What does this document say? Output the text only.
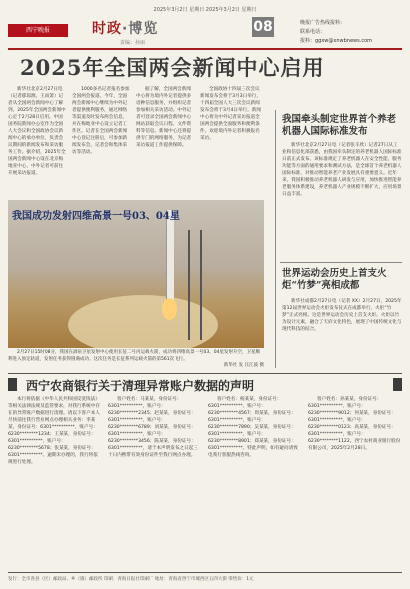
2025年3月2日 星期日 2025年3月2日 星期日
西宁晚报	时政·博览	08
责编：孙丽
晚报广告热线报料：
联系电话：
报料：ggxw@xnwbnews.com
2025年全国两会新闻中心启用

新华社北京2月27日电（记者郁琼源、王雨萧）记者从全国两会新闻中心了解到，2025年全国两会新闻中心定于2月28日启用。中国国务院新闻办公室作为全国人大会议和全国政协会议新闻中心的承办单位，负责会议期间的新闻发布和采访服务工作。据介绍，2025年全国两会新闻中心设在北京梅地亚中心，中外记者可前往开展采访报道。

1000多名记者报名参加全国两会报道。今年，全国两会新闻中心继续为中外记者提供便利服务，通过网络等渠道及时发布两会信息，并在梅地亚中心设立记者工作区。记者在全国两会新闻中心登记注册后，可参加新闻发布会、记者会和集体采访等活动。

据了解，全国两会新闻中心将为境内外记者提供多语种信息服务，并组织记者参加相关采访活动。中外记者可登录全国两会新闻中心网站获取会议日程、文件资料等信息。新闻中心还将提供专门的网络服务，为记者采访报道工作提供保障。

全国政协十四届三次会议新闻发布会将于3月3日举行，十四届全国人大三次会议新闻发布会将于3月4日举行。新闻中心将为中外记者采访报道全国两会提供全面服务和便利条件，欢迎境内外记者积极报名采访。

我国成功发射四维高景一号03、04星

2月27日15时08分，我国在酒泉卫星发射中心使用长征二号丙运载火箭，成功将四维高景一号03、04星发射升空，卫星顺利进入预定轨道，发射任务获得圆满成功。这次任务是长征系列运载火箭的第561次飞行。

新华社 发 汪江波 摄
我国牵头制定世界首个养老机器人国际标准发布

新华社北京2月27日电（记者张辛欣）记者27日从工业和信息化部获悉，由我国牵头制定的养老机器人国际标准日前正式发布。该标准规定了养老机器人在安全性能、服务功能等方面的通用要求和测试方法，是全球首个养老机器人国际标准，对推动智能养老产业发展具有重要意义。近年来，我国积极推动养老机器人研发与应用，加快推进智能养老服务体系建设，养老机器人产业规模不断扩大，应用场景日益丰富。

世界运动会历史上首支火炬“竹梦”亮相成都

新华社成都2月27日电（记者 XX）2月27日，2025年第12届世界运动会火炬发布仪式在成都举行，火炬“竹梦”正式亮相。这是世界运动会历史上首支火炬。火炬以竹为设计元素，融合了天府文化特色，展现了中国传统文化与现代科技的结合。

西宁农商银行关于清理异常账户数据的声明

本行将依据《中华人民共和国反洗钱法》等相关法律法规及监管要求，对我行系统中存在的异常账户数据进行清理。请以下客户本人尽快前往我行营业网点办理相关业务：李某某，身份证号：6301**********，账户号：6230********1234；王某某，身份证号：6301**********，账户号：6230********5678；张某某，身份证号：6301**********。逾期未办理的，我行将依规进行处理。

客户姓名：马某某，身份证号：6301**********，账户号：6230********2345；赵某某，身份证号：6301**********，账户号：6230********6789；刘某某，身份证号：6301**********，账户号：6230********3456；陈某某，身份证号：6301**********，请于本声明发布之日起三十日内携带有效身份证件至我行网点办理。

客户姓名：杨某某，身份证号：6301**********，账户号：6230********4567；周某某，身份证号：6301**********，账户号：6230********7890；吴某某，身份证号：6301**********，账户号：6230********8901；郑某某，身份证号：6301**********。特此声明，如有疑问请致电我行客服热线咨询。

客户姓名：孙某某，身份证号：6301**********，账户号：6230********9012；何某某，身份证号：6301**********，账户号：6230********0123；高某某，身份证号：6301**********，账户号：6230********1122。西宁农村商业银行股份有限公司，2025年2月28日。

发行：全市各县（区）邮政局、乡（镇）邮政所 印刷：青海日报社印刷厂 地址：青海省西宁市城西区五四大街 零售价：1元
